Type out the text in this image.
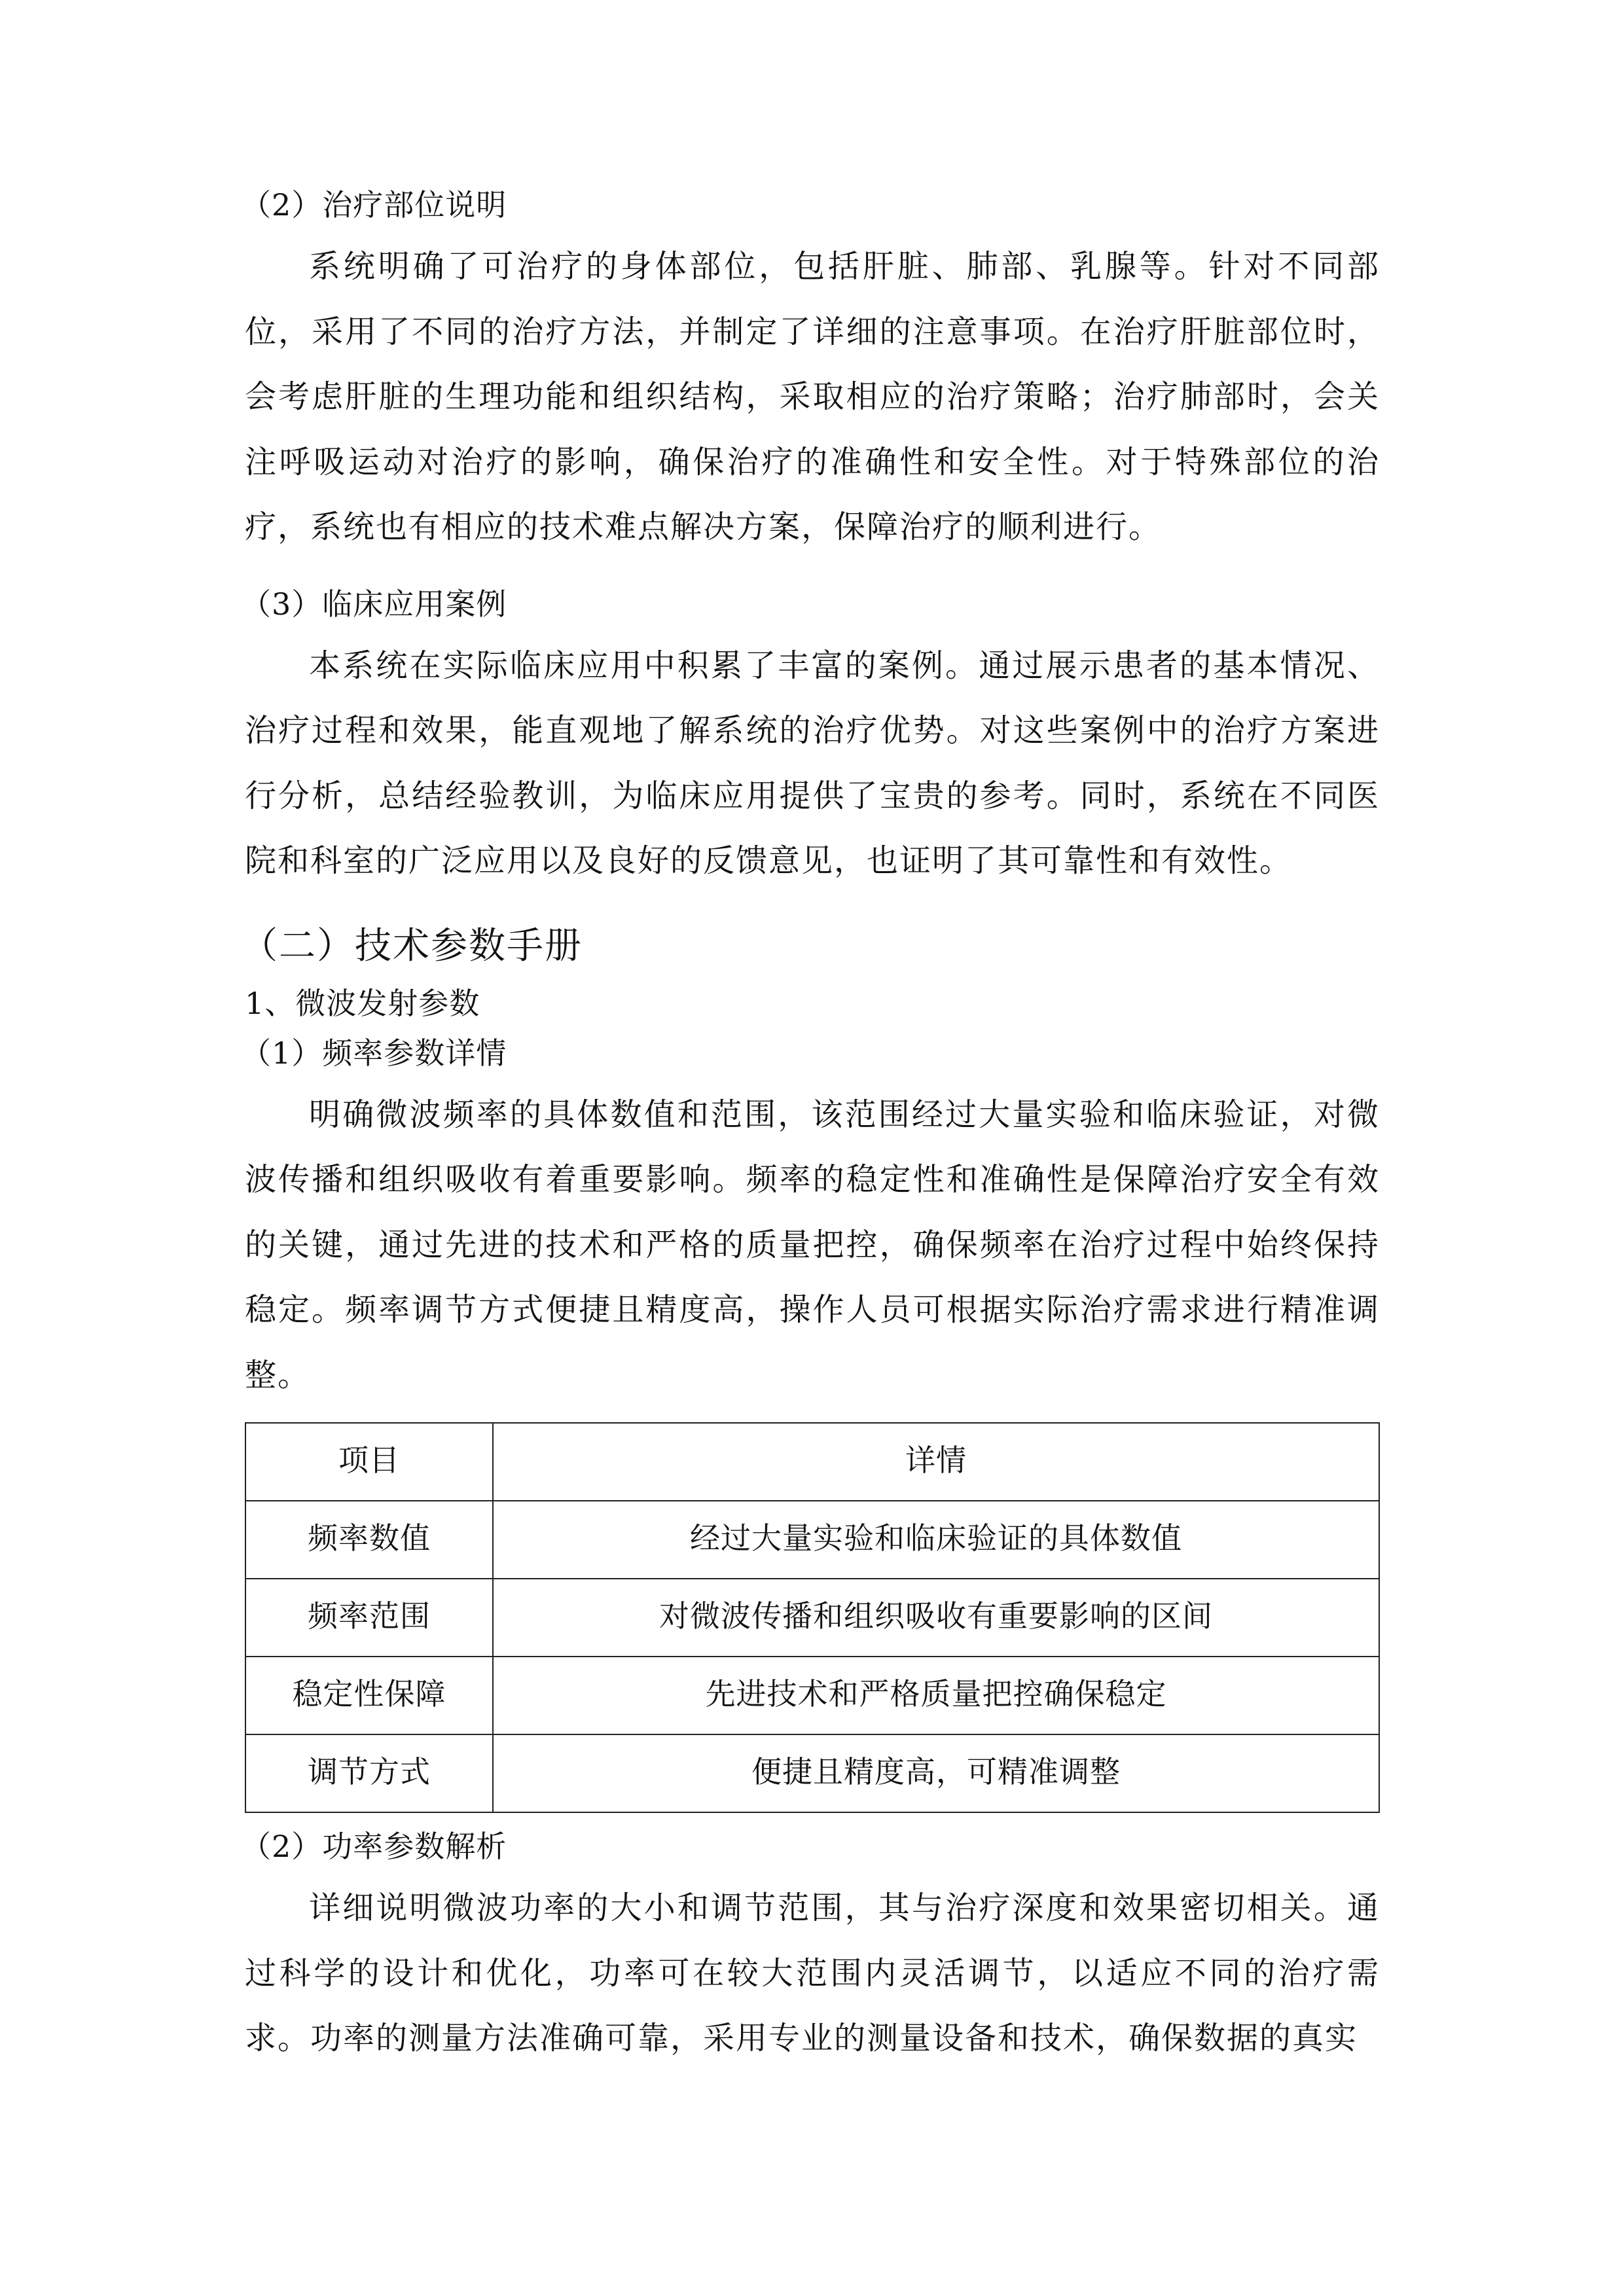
（2）治疗部位说明

系统明确了可治疗的身体部位，包括肝脏、肺部、乳腺等。针对不同部位，采用了不同的治疗方法，并制定了详细的注意事项。在治疗肝脏部位时，会考虑肝脏的生理功能和组织结构，采取相应的治疗策略；治疗肺部时，会关注呼吸运动对治疗的影响，确保治疗的准确性和安全性。对于特殊部位的治疗，系统也有相应的技术难点解决方案，保障治疗的顺利进行。

（3）临床应用案例

本系统在实际临床应用中积累了丰富的案例。通过展示患者的基本情况、治疗过程和效果，能直观地了解系统的治疗优势。对这些案例中的治疗方案进行分析，总结经验教训，为临床应用提供了宝贵的参考。同时，系统在不同医院和科室的广泛应用以及良好的反馈意见，也证明了其可靠性和有效性。

（二）技术参数手册
1、微波发射参数
（1）频率参数详情

明确微波频率的具体数值和范围，该范围经过大量实验和临床验证，对微波传播和组织吸收有着重要影响。频率的稳定性和准确性是保障治疗安全有效的关键，通过先进的技术和严格的质量把控，确保频率在治疗过程中始终保持稳定。频率调节方式便捷且精度高，操作人员可根据实际治疗需求进行精准调整。

项目	详情
频率数值	经过大量实验和临床验证的具体数值
频率范围	对微波传播和组织吸收有重要影响的区间
稳定性保障	先进技术和严格质量把控确保稳定
调节方式	便捷且精度高，可精准调整
（2）功率参数解析

详细说明微波功率的大小和调节范围，其与治疗深度和效果密切相关。通过科学的设计和优化，功率可在较大范围内灵活调节，以适应不同的治疗需求。功率的测量方法准确可靠，采用专业的测量设备和技术，确保数据的真实
